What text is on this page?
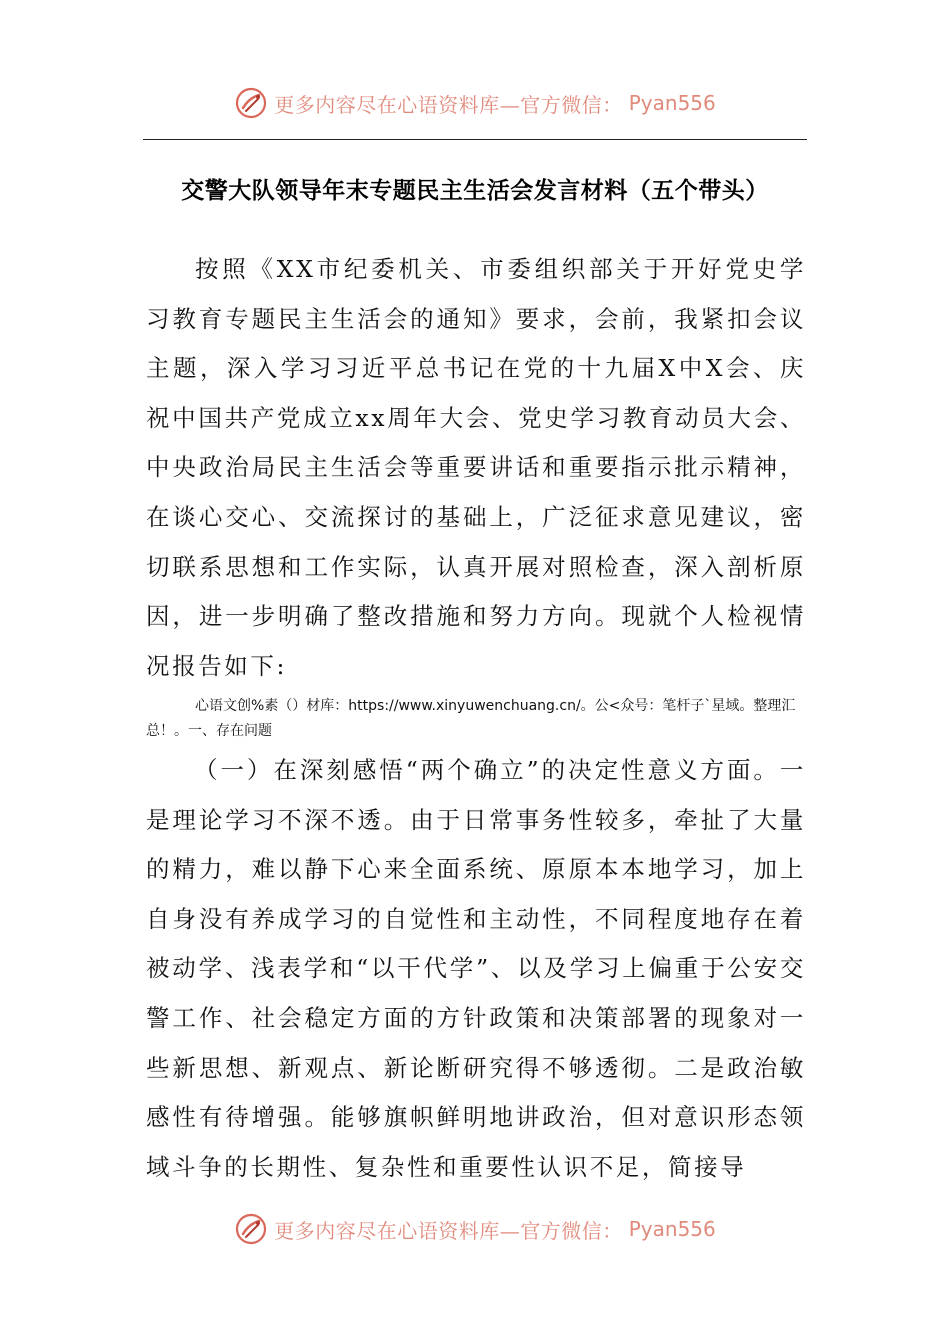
更多内容尽在心语资料库—官方微信： Pyan556
交警大队领导年末专题民主生活会发言材料（五个带头）

按照《XX市纪委机关、市委组织部关于开好党史学习教育专题民主生活会的通知》要求，会前，我紧扣会议主题，深入学习习近平总书记在党的十九届X中X会、庆祝中国共产党成立xx周年大会、党史学习教育动员大会、中央政治局民主生活会等重要讲话和重要指示批示精神，在谈心交心、交流探讨的基础上，广泛征求意见建议，密切联系思想和工作实际，认真开展对照检查，深入剖析原因，进一步明确了整改措施和努力方向。现就个人检视情况报告如下:

心语文创%素（）材库：https://www.xinyuwenchuang.cn/。公<众号：笔杆子`星域。整理汇总！。一、存在问题

（一）在深刻感悟“两个确立”的决定性意义方面。一是理论学习不深不透。由于日常事务性较多，牵扯了大量的精力，难以静下心来全面系统、原原本本地学习，加上自身没有养成学习的自觉性和主动性，不同程度地存在着被动学、浅表学和“以干代学”、以及学习上偏重于公安交警工作、社会稳定方面的方针政策和决策部署的现象对一些新思想、新观点、新论断研究得不够透彻。二是政治敏感性有待增强。能够旗帜鲜明地讲政治，但对意识形态领域斗争的长期性、复杂性和重要性认识不足，简接导

更多内容尽在心语资料库—官方微信： Pyan556
